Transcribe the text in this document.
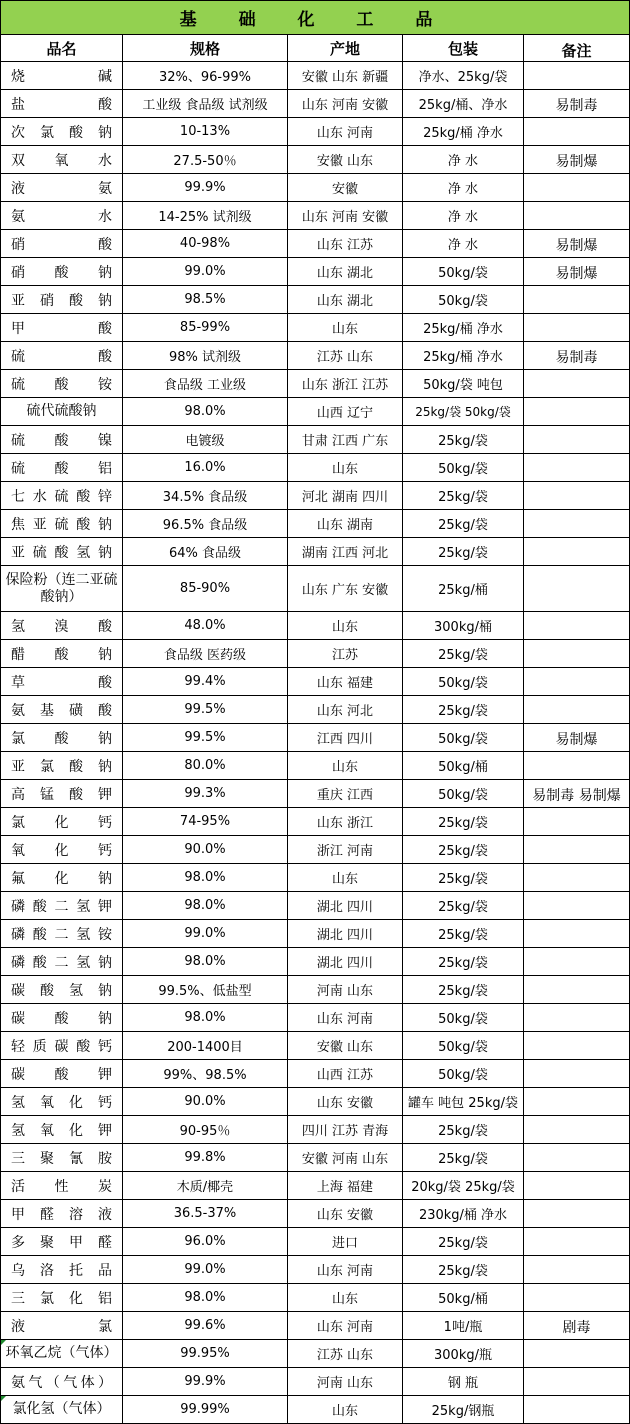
基 础 化 工 品				
品名	规格	产地	包装	备注
烧碱	32%、96-99%	安徽 山东 新疆	净水、25kg/袋	
盐酸	工业级 食品级 试剂级	山东 河南 安徽	25kg/桶、净水	易制毒
次氯酸钠	10-13%	山东 河南	25kg/桶 净水	
双氧水	27.5-50％	安徽 山东	净 水	易制爆
液氨	99.9%	安徽	净 水	
氨水	14-25% 试剂级	山东 河南 安徽	净 水	
硝酸	40-98%	山东 江苏	净 水	易制爆
硝酸钠	99.0%	山东 湖北	50kg/袋	易制爆
亚硝酸钠	98.5%	山东 湖北	50kg/袋	
甲酸	85-99%	山东	25kg/桶 净水	
硫酸	98% 试剂级	江苏 山东	25kg/桶 净水	易制毒
硫酸铵	食品级 工业级	山东 浙江 江苏	50kg/袋 吨包	
硫代硫酸钠	98.0%	山西 辽宁	25kg/袋 50kg/袋	
硫酸镍	电镀级	甘肃 江西 广东	25kg/袋	
硫酸铝	16.0%	山东	50kg/袋	
七水硫酸锌	34.5% 食品级	河北 湖南 四川	25kg/袋	
焦亚硫酸钠	96.5% 食品级	山东 湖南	25kg/袋	
亚硫酸氢钠	64% 食品级	湖南 江西 河北	25kg/袋	
保险粉（连二亚硫酸钠）	85-90%	山东 广东 安徽	25kg/桶	
氢溴酸	48.0%	山东	300kg/桶	
醋酸钠	食品级 医药级	江苏	25kg/袋	
草酸	99.4%	山东 福建	50kg/袋	
氨基磺酸	99.5%	山东 河北	25kg/袋	
氯酸钠	99.5%	江西 四川	50kg/袋	易制爆
亚氯酸钠	80.0%	山东	50kg/桶	
高锰酸钾	99.3%	重庆 江西	50kg/袋	易制毒 易制爆
氯化钙	74-95%	山东 浙江	25kg/袋	
氧化钙	90.0%	浙江 河南	25kg/袋	
氟化钠	98.0%	山东	25kg/袋	
磷酸二氢钾	98.0%	湖北 四川	25kg/袋	
磷酸二氢铵	99.0%	湖北 四川	25kg/袋	
磷酸二氢钠	98.0%	湖北 四川	25kg/袋	
碳酸氢钠	99.5%、低盐型	河南 山东	25kg/袋	
碳酸钠	98.0%	山东 河南	50kg/袋	
轻质碳酸钙	200-1400目	安徽 山东	50kg/袋	
碳酸钾	99%、98.5%	山西 江苏	50kg/袋	
氢氧化钙	90.0%	山东 安徽	罐车 吨包 25kg/袋	
氢氧化钾	90-95％	四川 江苏 青海	25kg/袋	
三聚氰胺	99.8%	安徽 河南 山东	25kg/袋	
活性炭	木质/椰壳	上海 福建	20kg/袋 25kg/袋	
甲醛溶液	36.5-37%	山东 安徽	230kg/桶 净水	
多聚甲醛	96.0%	进口	25kg/袋	
乌洛托品	99.0%	山东 河南	25kg/袋	
三氯化铝	98.0%	山东	50kg/桶	
液氯	99.6%	山东 河南	1吨/瓶	剧毒
环氧乙烷（气体）	99.95%	江苏 山东	300kg/瓶	
氨气（气体）	99.9%	河南 山东	钢 瓶	
氯化氢（气体）	99.99%	山东	25kg/钢瓶	
